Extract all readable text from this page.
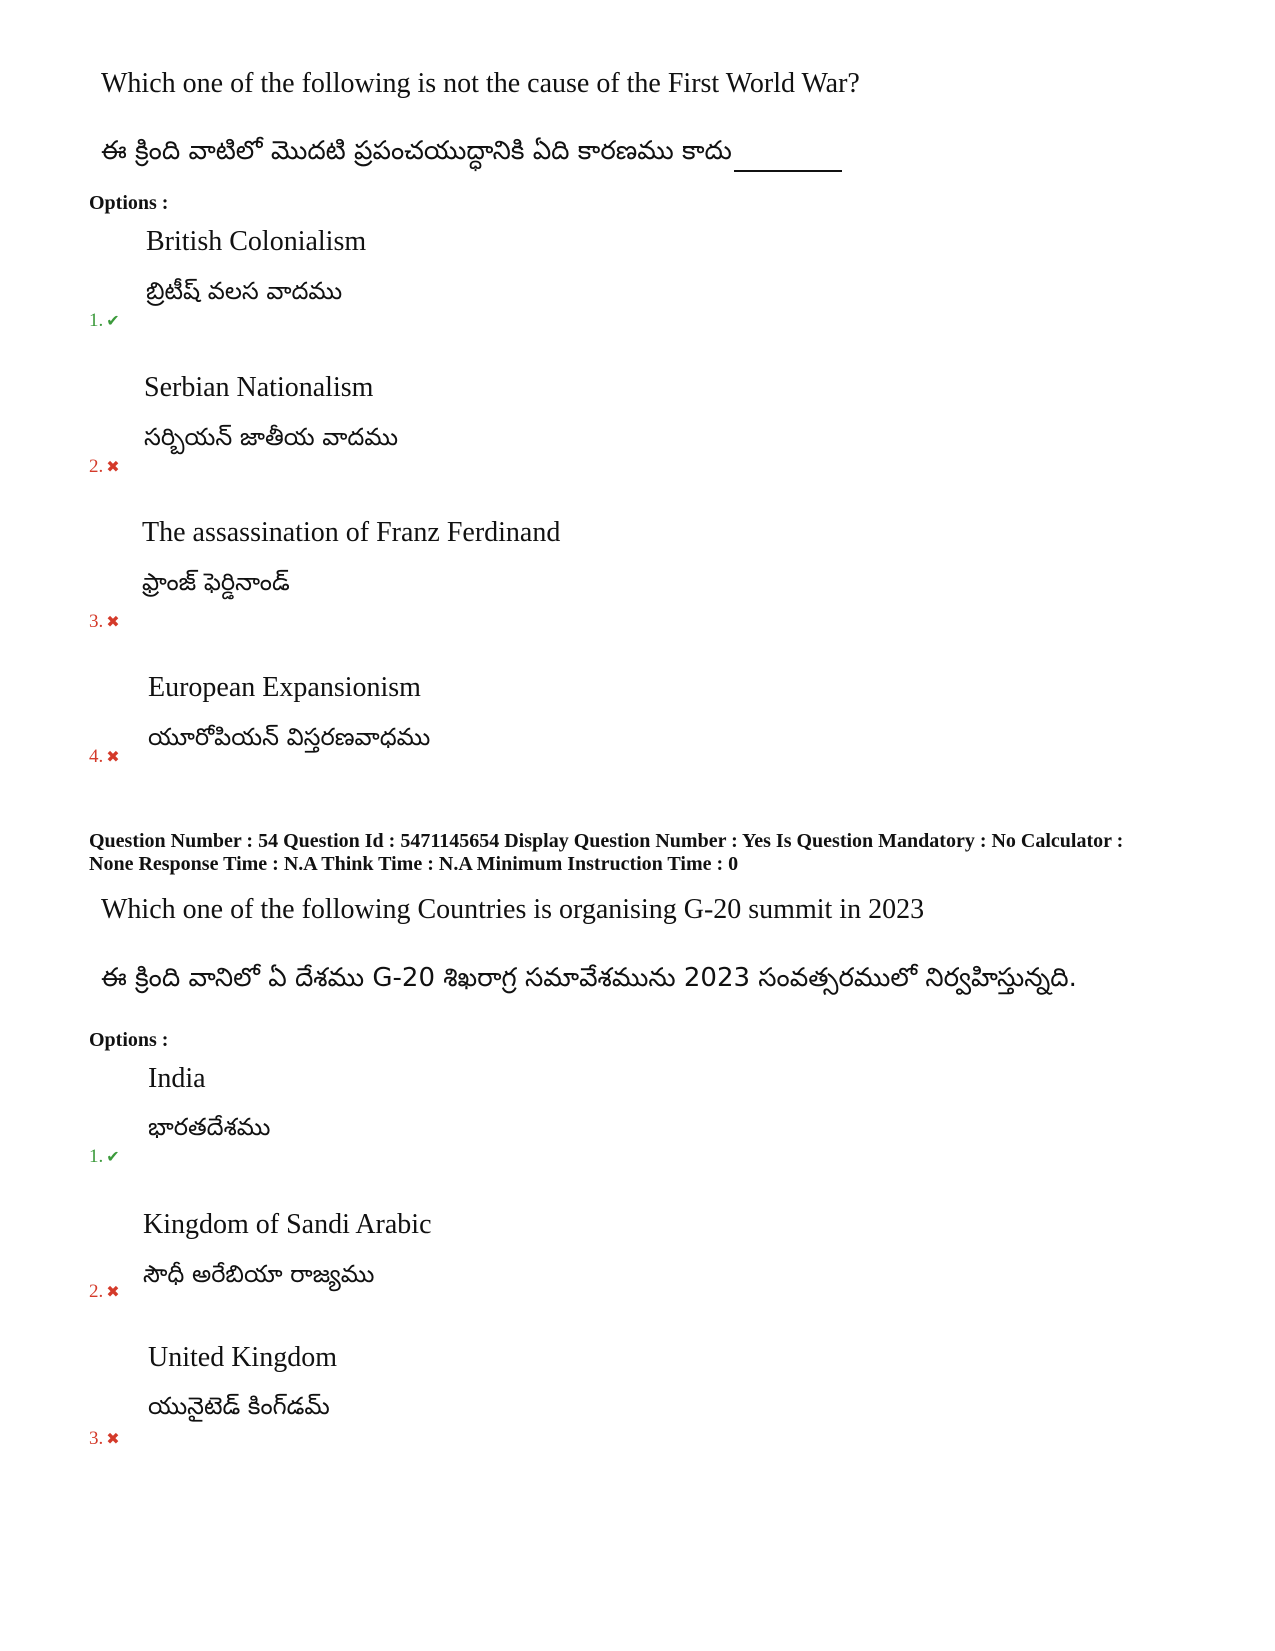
Which one of the following is not the cause of the First World War?
ఈ క్రింది వాటిలో మొదటి ప్రపంచయుద్ధానికి ఏది కారణము కాదు
Options :
British Colonialism
బ్రిటీష్ వలస వాదము
1. ✔
Serbian Nationalism
సర్బియన్ జాతీయ వాదము
2. ✖
The assassination of Franz Ferdinand
ఫ్రాంజ్ ఫెర్డినాండ్
3. ✖
European Expansionism
యూరోపియన్ విస్తరణవాధము
4. ✖
Question Number : 54 Question Id : 5471145654 Display Question Number : Yes Is Question Mandatory : No Calculator :
None Response Time : N.A Think Time : N.A Minimum Instruction Time : 0
Which one of the following Countries is organising G-20 summit in 2023
ఈ క్రింది వానిలో ఏ దేశము G-20 శిఖరాగ్ర సమావేశమును 2023 సంవత్సరములో నిర్వహిస్తున్నది.
Options :
India
భారతదేశము
1. ✔
Kingdom of Sandi Arabic
సౌధీ అరేబియా రాజ్యము
2. ✖
United Kingdom
యునైటెడ్ కింగ్‌డమ్
3. ✖
